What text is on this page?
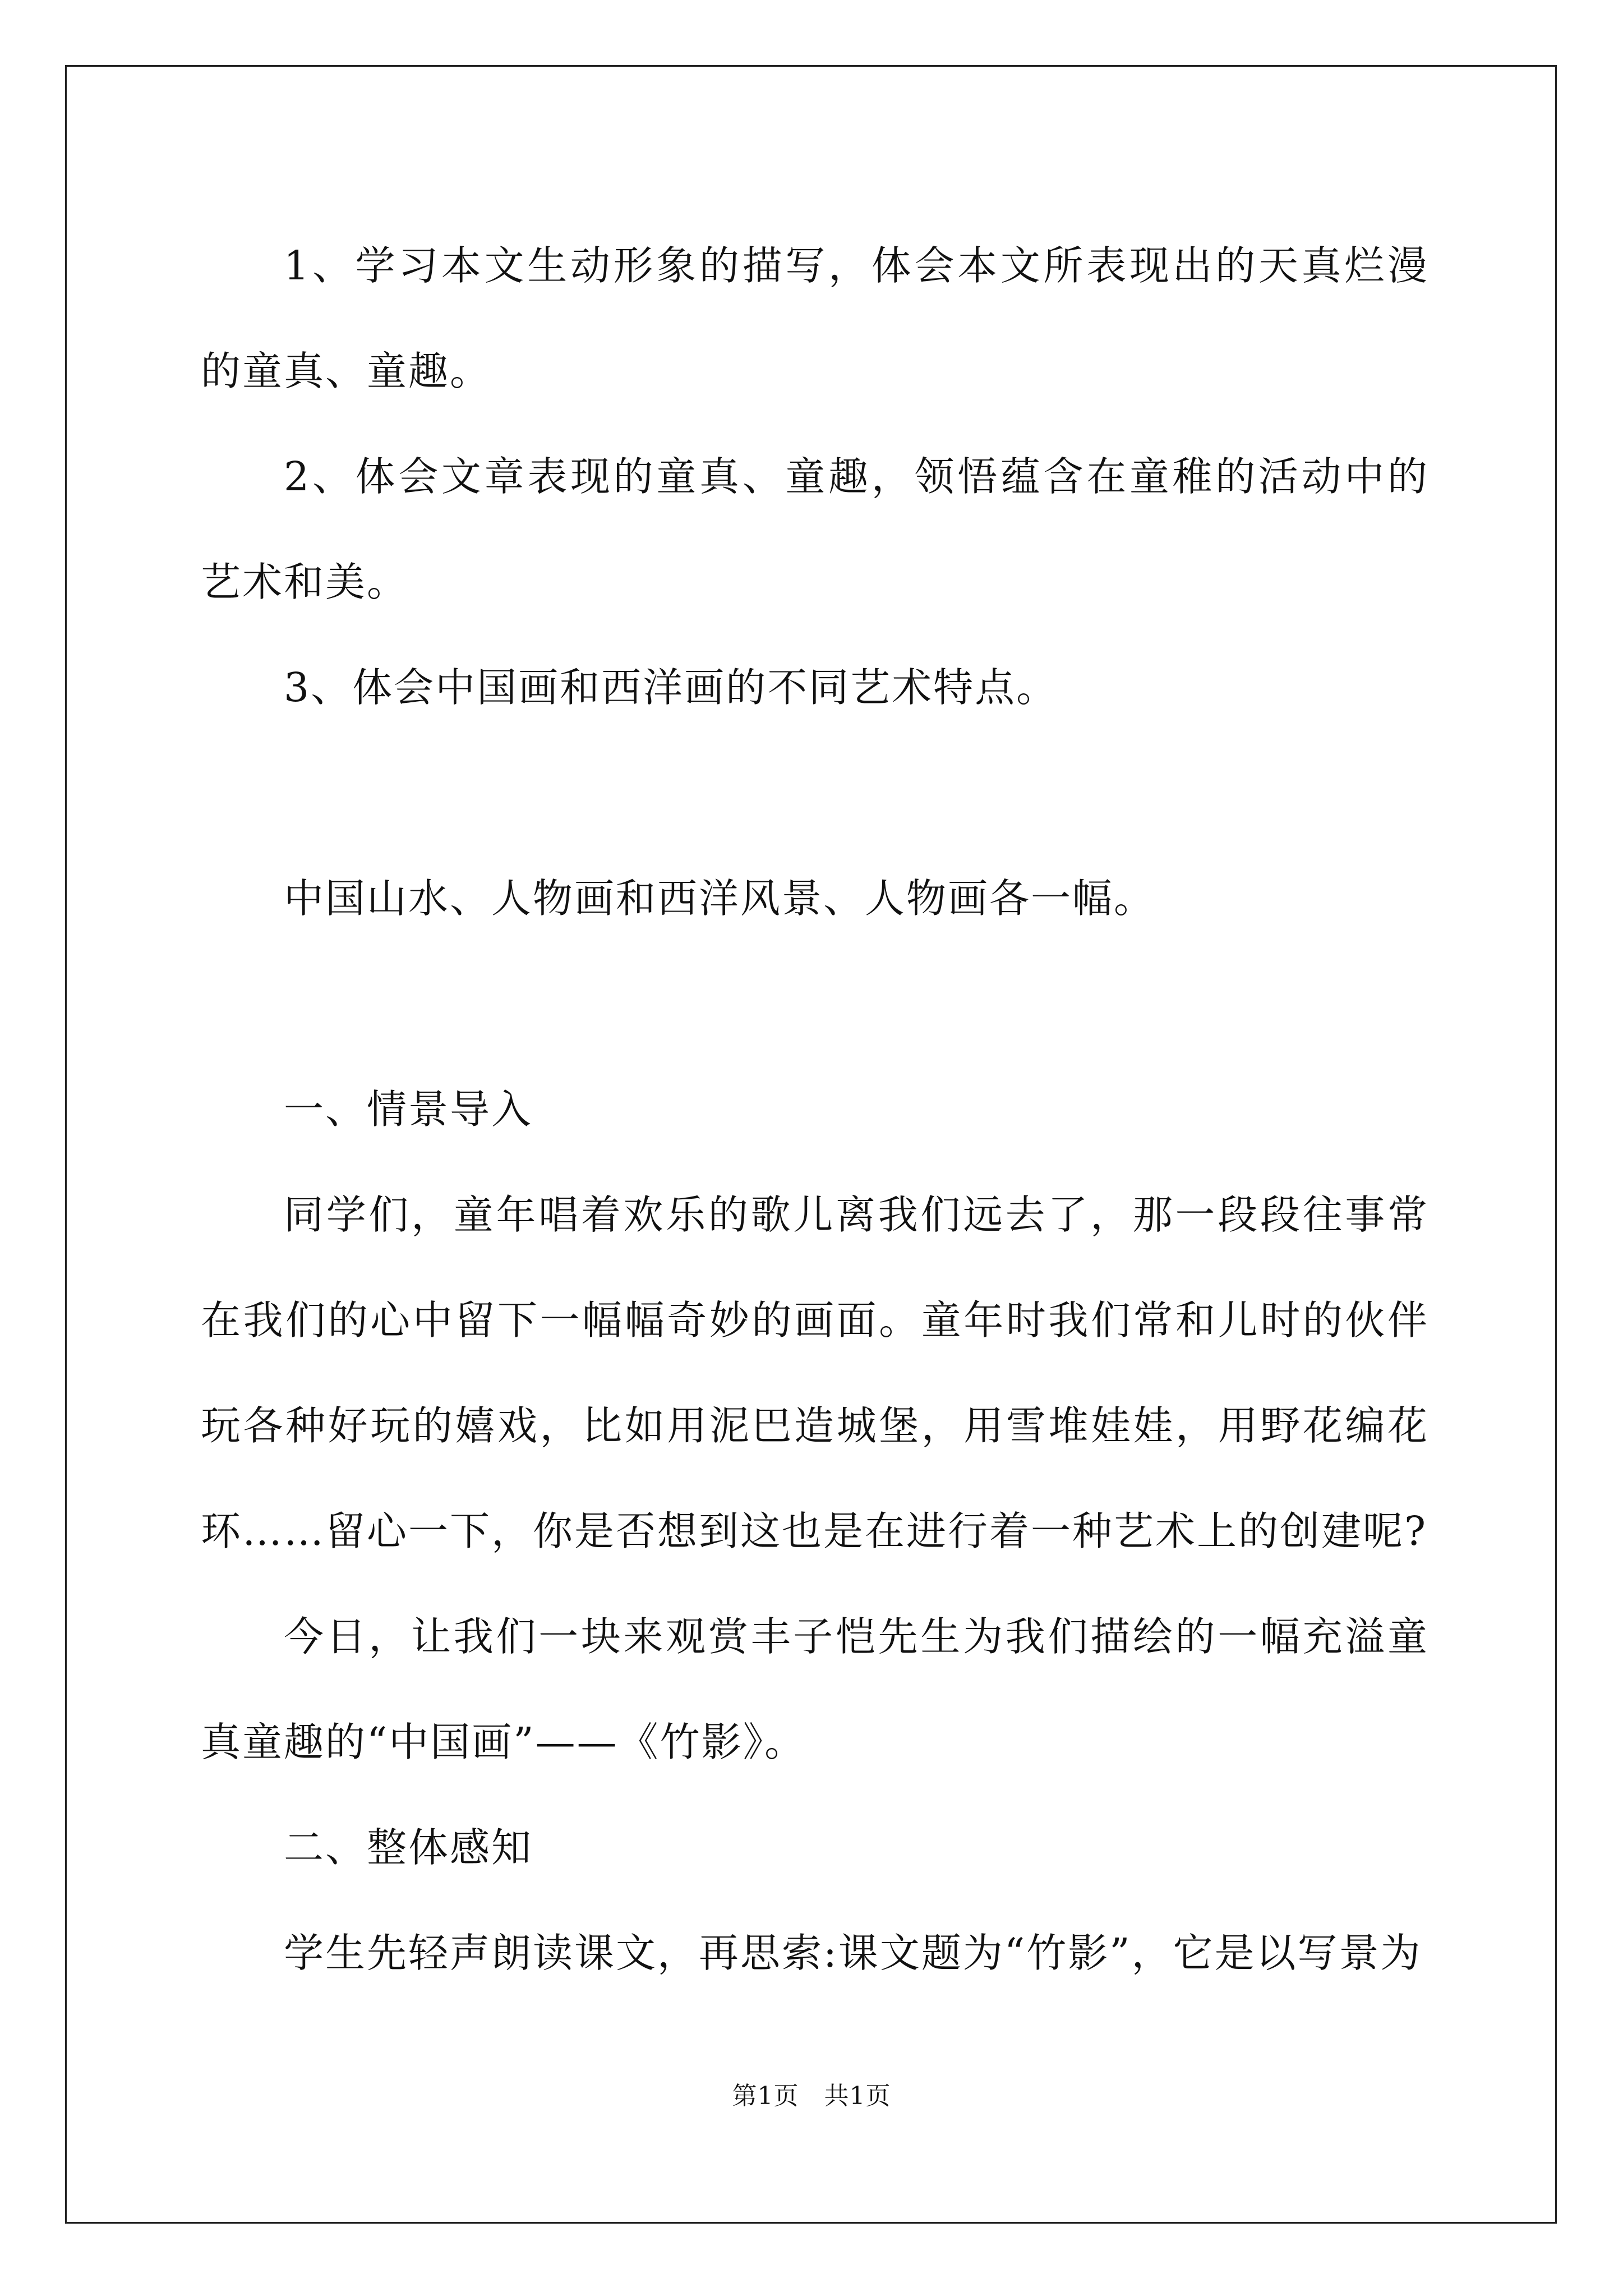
1、学习本文生动形象的描写，体会本文所表现出的天真烂漫的童真、童趣。

2、体会文章表现的童真、童趣，领悟蕴含在童稚的活动中的艺术和美。

3、体会中国画和西洋画的不同艺术特点。

中国山水、人物画和西洋风景、人物画各一幅。

一、情景导入

同学们，童年唱着欢乐的歌儿离我们远去了，那一段段往事常在我们的心中留下一幅幅奇妙的画面。童年时我们常和儿时的伙伴玩各种好玩的嬉戏，比如用泥巴造城堡，用雪堆娃娃，用野花编花环……留心一下，你是否想到这也是在进行着一种艺术上的创建呢?

今日，让我们一块来观赏丰子恺先生为我们描绘的一幅充溢童真童趣的“中国画”——《竹影》。

二、整体感知

学生先轻声朗读课文，再思索:课文题为“竹影”，它是以写景为

第1页　共1页
